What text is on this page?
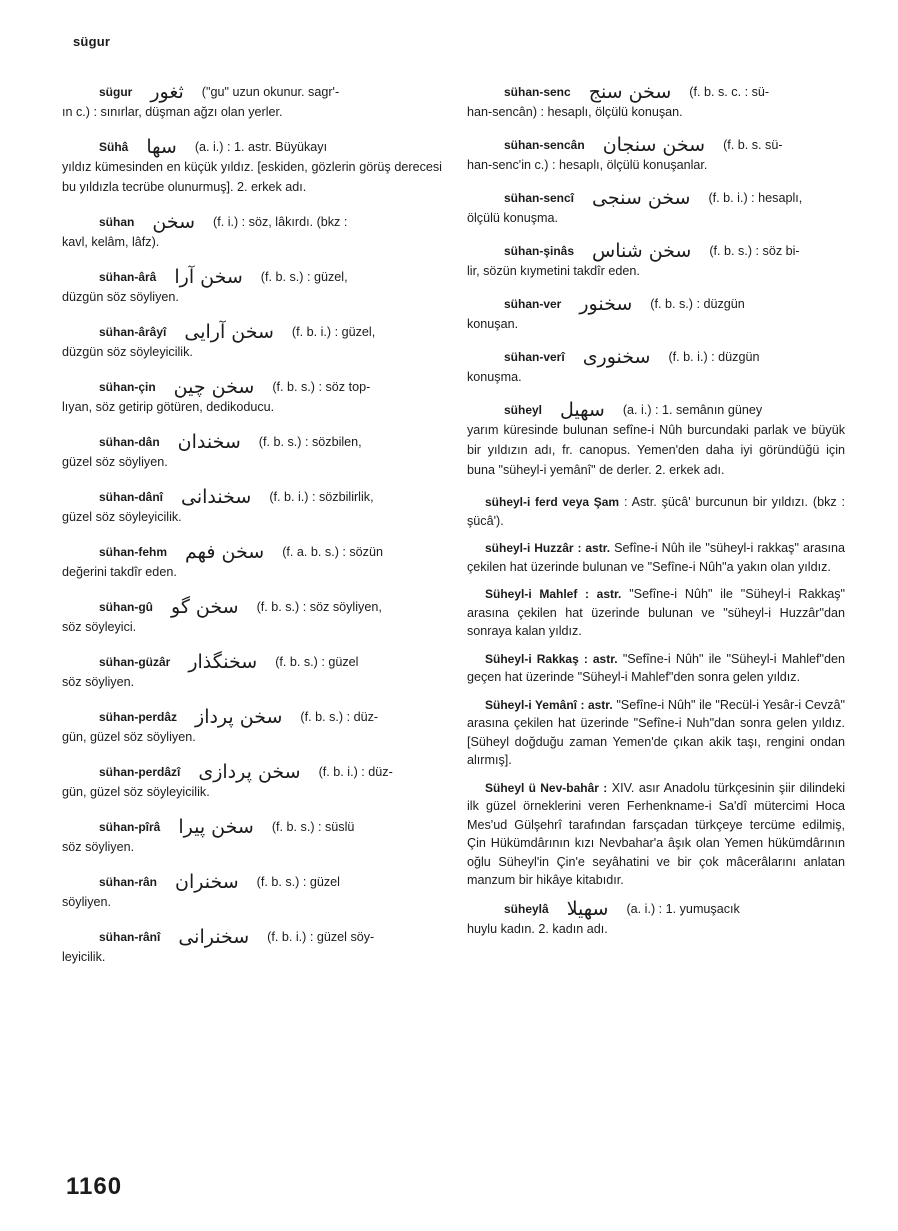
sügur
sügur ثغور ("gu" uzun okunur. sagr'-
ın c.) : sınırlar, düşman ağzı olan yerler.
Sühâ سها (a. i.) : 1. astr. Büyükayı
yıldız kümesinden en küçük yıldız. [eskiden, gözlerin görüş derecesi bu yıldızla tecrübe olunurmuş]. 2. erkek adı.
sühan سخن (f. i.) : söz, lâkırdı. (bkz :
kavl, kelâm, lâfz).
sühan-ârâ سخن آرا (f. b. s.) : güzel,
düzgün söz söyliyen.
sühan-ârâyî سخن آرايى (f. b. i.) : güzel,
düzgün söz söyleyicilik.
sühan-çin سخن چين (f. b. s.) : söz top-
lıyan, söz getirip götüren, dedikoducu.
sühan-dân سخندان (f. b. s.) : sözbilen,
güzel söz söyliyen.
sühan-dânî سخندانى (f. b. i.) : sözbilirlik,
güzel söz söyleyicilik.
sühan-fehm سخن فهم (f. a. b. s.) : sözün
değerini takdîr eden.
sühan-gû سخن گو (f. b. s.) : söz söyliyen,
söz söyleyici.
sühan-güzâr سخنگذار (f. b. s.) : güzel
söz söyliyen.
sühan-perdâz سخن پرداز (f. b. s.) : düz-
gün, güzel söz söyliyen.
sühan-perdâzî سخن پردازى (f. b. i.) : düz-
gün, güzel söz söyleyicilik.
sühan-pîrâ سخن پيرا (f. b. s.) : süslü
söz söyliyen.
sühan-rân سخنران (f. b. s.) : güzel
söyliyen.
sühan-rânî سخنرانى (f. b. i.) : güzel söy-
leyicilik.
sühan-senc سخن سنج (f. b. s. c. : sü-
han-sencân) : hesaplı, ölçülü konuşan.
sühan-sencân سخن سنجان (f. b. s. sü-
han-senc'in c.) : hesaplı, ölçülü konuşanlar.
sühan-sencî سخن سنجى (f. b. i.) : hesaplı,
ölçülü konuşma.
sühan-şinâs سخن شناس (f. b. s.) : söz bi-
lir, sözün kıymetini takdîr eden.
sühan-ver سخنور (f. b. s.) : düzgün
konuşan.
sühan-verî سخنورى (f. b. i.) : düzgün
konuşma.
süheyl سهيل (a. i.) : 1. semânın güney
yarım küresinde bulunan sefîne-i Nûh burcundaki parlak ve büyük bir yıldızın adı, fr. canopus. Yemen'den daha iyi göründüğü için buna "süheyl-i yemânî" de derler. 2. erkek adı.
süheyl-i ferd veya Şam : Astr. şücâ' burcunun bir yıldızı. (bkz : şücâ').
süheyl-i Huzzâr : astr. Sefîne-i Nûh ile "süheyl-i rakkaş" arasına çekilen hat üzerinde bulunan ve "Sefîne-i Nûh"a yakın olan yıldız.
Süheyl-i Mahlef : astr. "Sefîne-i Nûh" ile "Süheyl-i Rakkaş" arasına çekilen hat üzerinde bulunan ve "süheyl-i Huzzâr"dan sonraya kalan yıldız.
Süheyl-i Rakkaş : astr. "Sefîne-i Nûh" ile "Süheyl-i Mahlef"den geçen hat üzerinde "Süheyl-i Mahlef"den sonra gelen yıldız.
Süheyl-i Yemânî : astr. "Sefîne-i Nûh" ile "Recül-i Yesâr-i Cevzâ" arasına çekilen hat üzerinde "Sefîne-i Nuh"dan sonra gelen yıldız. [Süheyl doğduğu zaman Yemen'de çıkan akik taşı, rengini ondan alırmış].
Süheyl ü Nev-bahâr : XIV. asır Anadolu türkçesinin şiir dilindeki ilk güzel örneklerini veren Ferhenkname-i Sa'dî mütercimi Hoca Mes'ud Gülşehrî tarafından farsçadan türkçeye tercüme edilmiş, Çin Hükümdârının kızı Nevbahar'a âşık olan Yemen hükümdârının oğlu Süheyl'in Çin'e seyâhatini ve bir çok mâcerâlarını anlatan manzum bir hikâye kitabıdır.
süheylâ سهيلا (a. i.) : 1. yumuşacık
huylu kadın. 2. kadın adı.
1160
